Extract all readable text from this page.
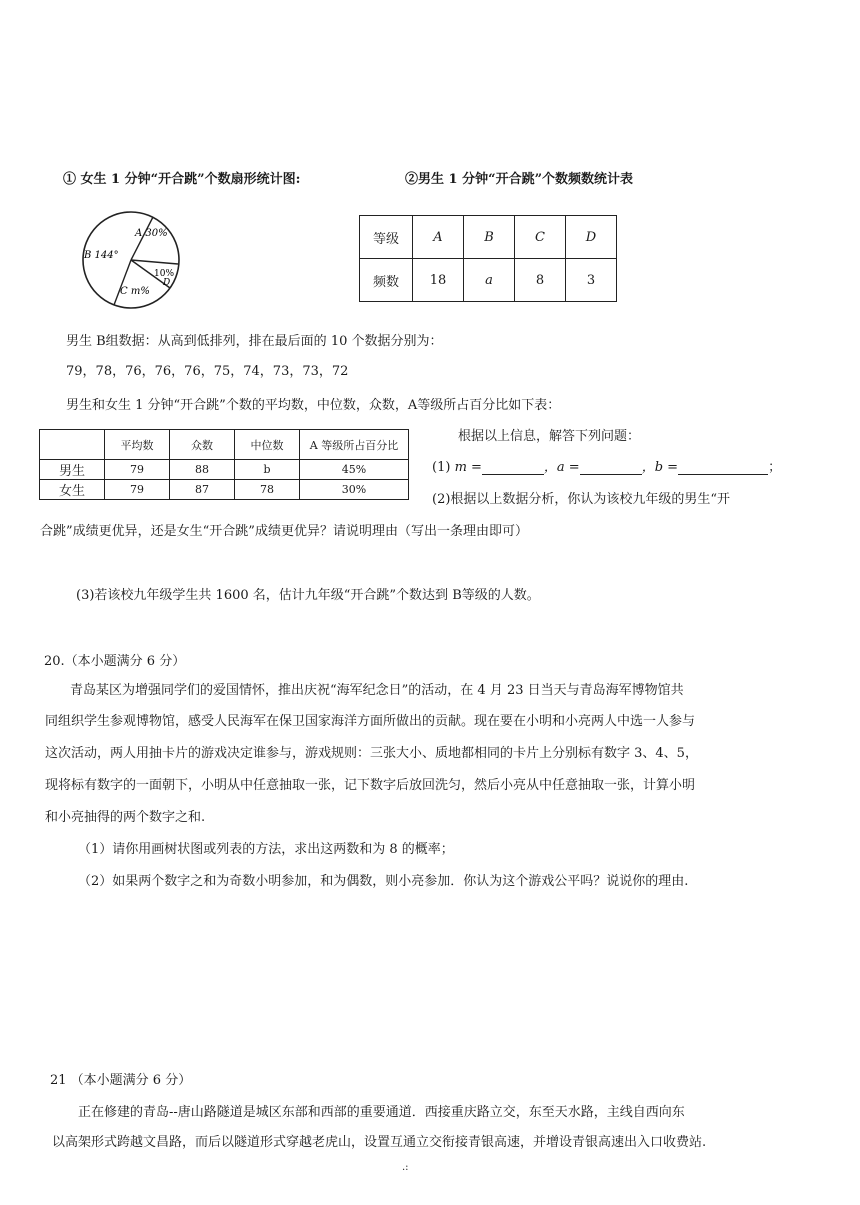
① 女生 1 分钟“开合跳”个数扇形统计图:	②男生 1 分钟“开合跳”个数频数统计表
A 30%
B 144°
10%
D
C m%
等级	A	B	C	D
频数	18	a	8	3
男生 B组数据：从高到低排列，排在最后面的 10 个数据分别为：
79，78，76，76，76，75，74，73，73，72
男生和女生 1 分钟“开合跳”个数的平均数，中位数，众数，A等级所占百分比如下表：
	平均数	众数	中位数	A 等级所占百分比
男生	79	88	b	45%
女生	79	87	78	30%
根据以上信息，解答下列问题：
(1) m =	，a =	，b =	；
(2)根据以上数据分析，你认为该校九年级的男生“开
合跳”成绩更优异，还是女生“开合跳”成绩更优异？请说明理由（写出一条理由即可）
(3)若该校九年级学生共 1600 名，估计九年级“开合跳”个数达到 B等级的人数。
20.（本小题满分 6 分）
青岛某区为增强同学们的爱国情怀，推出庆祝“海军纪念日”的活动，在 4 月 23 日当天与青岛海军博物馆共
同组织学生参观博物馆，感受人民海军在保卫国家海洋方面所做出的贡献。现在要在小明和小亮两人中选一人参与
这次活动，两人用抽卡片的游戏决定谁参与，游戏规则：三张大小、质地都相同的卡片上分别标有数字 3、4、5，
现将标有数字的一面朝下，小明从中任意抽取一张，记下数字后放回洗匀，然后小亮从中任意抽取一张，计算小明
和小亮抽得的两个数字之和.
（1）请你用画树状图或列表的方法，求出这两数和为 8 的概率；
（2）如果两个数字之和为奇数小明参加，和为偶数，则小亮参加．你认为这个游戏公平吗？说说你的理由.
21 （本小题满分 6 分）
正在修建的青岛--唐山路隧道是城区东部和西部的重要通道．西接重庆路立交，东至天水路，主线自西向东
以高架形式跨越文昌路，而后以隧道形式穿越老虎山，设置互通立交衔接青银高速，并增设青银高速出入口收费站.
.:
